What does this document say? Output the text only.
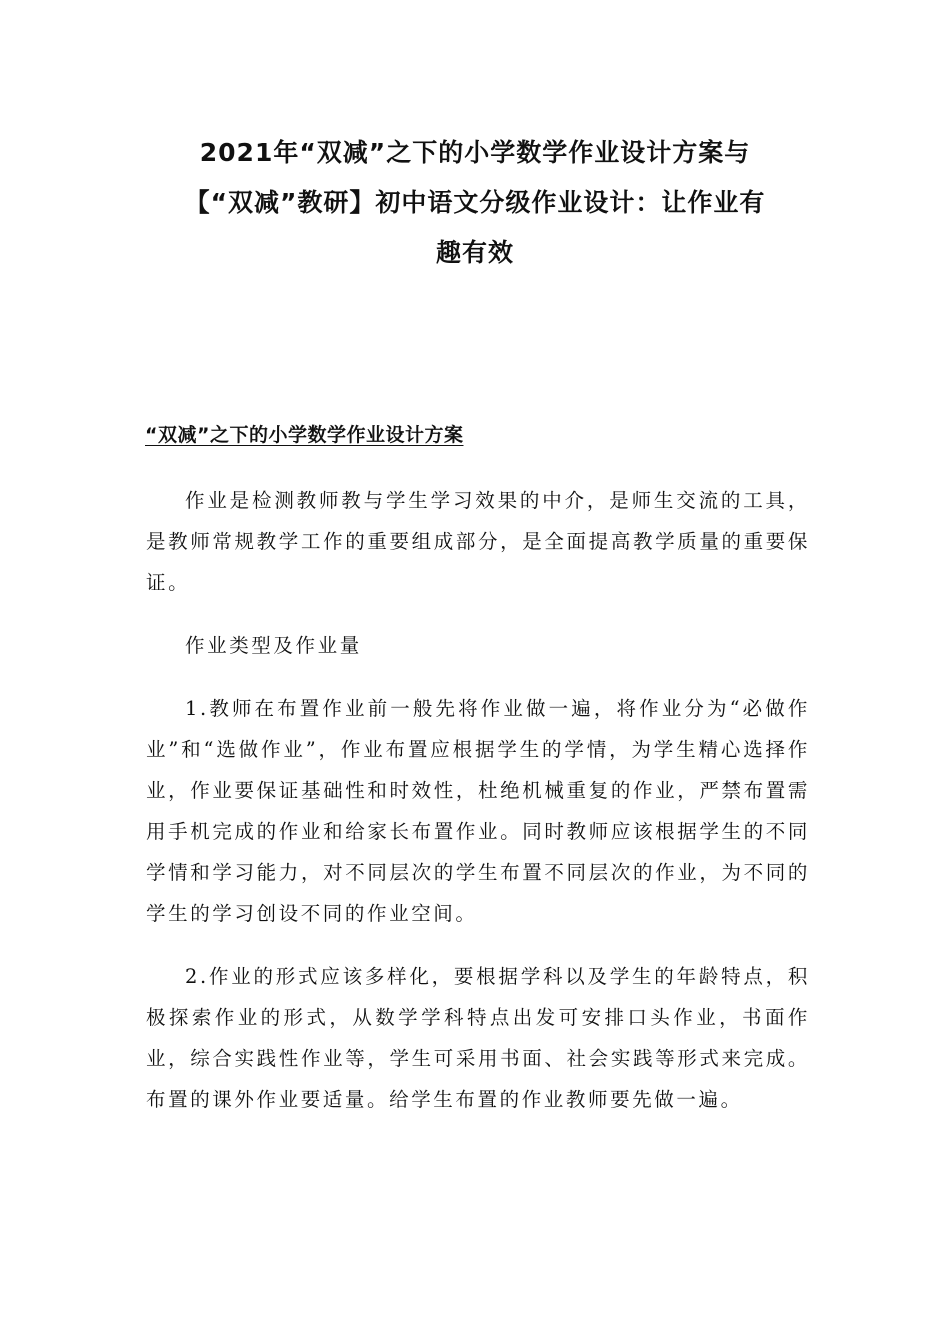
2021年“双减”之下的小学数学作业设计方案与
【“双减”教研】初中语文分级作业设计：让作业有
趣有效
“双减”之下的小学数学作业设计方案

作业是检测教师教与学生学习效果的中介，是师生交流的工具，是教师常规教学工作的重要组成部分，是全面提高教学质量的重要保证。

作业类型及作业量

1.教师在布置作业前一般先将作业做一遍，将作业分为“必做作业”和“选做作业”，作业布置应根据学生的学情，为学生精心选择作业，作业要保证基础性和时效性，杜绝机械重复的作业，严禁布置需用手机完成的作业和给家长布置作业。同时教师应该根据学生的不同学情和学习能力，对不同层次的学生布置不同层次的作业，为不同的学生的学习创设不同的作业空间。

2.作业的形式应该多样化，要根据学科以及学生的年龄特点，积极探索作业的形式，从数学学科特点出发可安排口头作业，书面作业，综合实践性作业等，学生可采用书面、社会实践等形式来完成。布置的课外作业要适量。给学生布置的作业教师要先做一遍。
